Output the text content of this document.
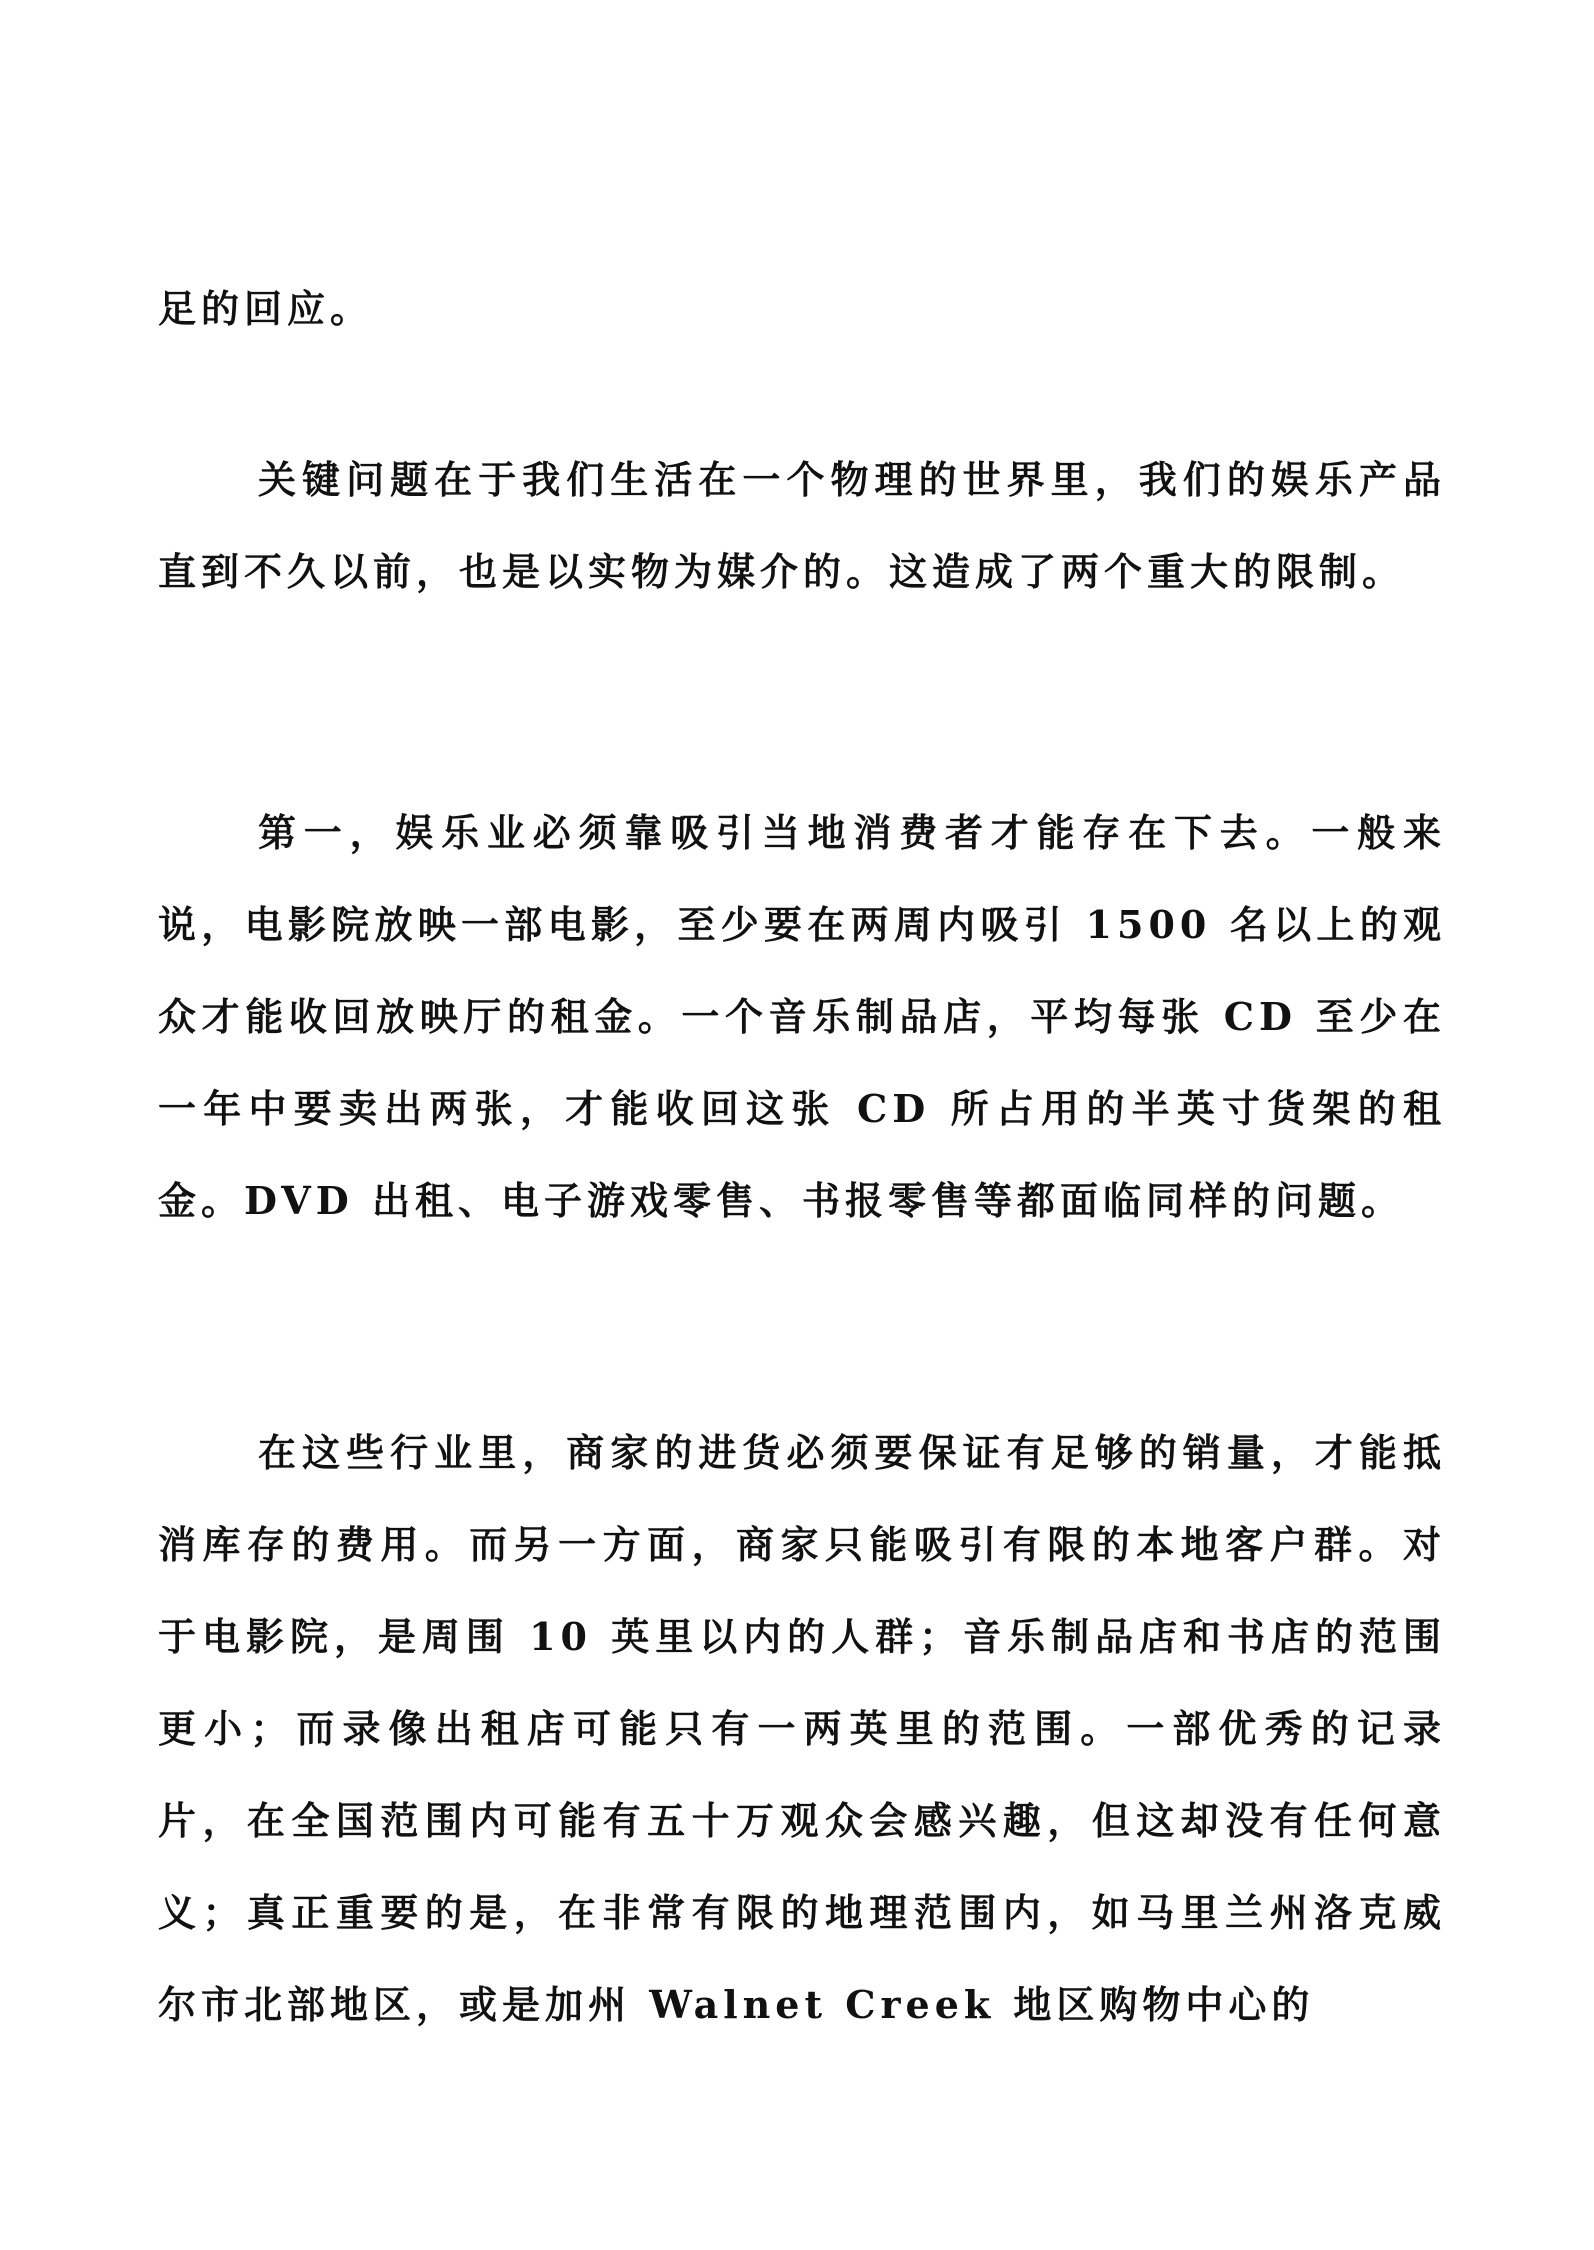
足的回应。

关键问题在于我们生活在一个物理的世界里，我们的娱乐产品直到不久以前，也是以实物为媒介的。这造成了两个重大的限制。

第一，娱乐业必须靠吸引当地消费者才能存在下去。一般来说，电影院放映一部电影，至少要在两周内吸引 1500 名以上的观众才能收回放映厅的租金。一个音乐制品店，平均每张 CD 至少在一年中要卖出两张，才能收回这张 CD 所占用的半英寸货架的租金。DVD 出租、电子游戏零售、书报零售等都面临同样的问题。

在这些行业里，商家的进货必须要保证有足够的销量，才能抵消库存的费用。而另一方面，商家只能吸引有限的本地客户群。对于电影院，是周围 10 英里以内的人群；音乐制品店和书店的范围更小；而录像出租店可能只有一两英里的范围。一部优秀的记录片，在全国范围内可能有五十万观众会感兴趣，但这却没有任何意义；真正重要的是，在非常有限的地理范围内，如马里兰州洛克威尔市北部地区，或是加州 Walnet Creek 地区购物中心的
